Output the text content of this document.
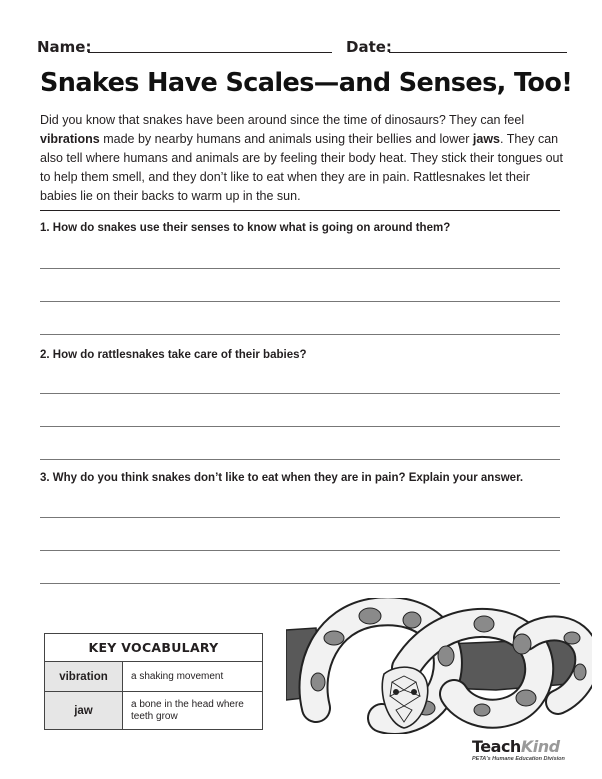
Name:	Date:
Snakes Have Scales—and Senses, Too!

Did you know that snakes have been around since the time of dinosaurs? They can feel vibrations made by nearby humans and animals using their bellies and lower jaws. They can also tell where humans and animals are by feeling their body heat. They stick their tongues out to help them smell, and they don’t like to eat when they are in pain. Rattlesnakes let their babies lie on their backs to warm up in the sun.

1. How do snakes use their senses to know what is going on around them?
2. How do rattlesnakes take care of their babies?
3. Why do you think snakes don’t like to eat when they are in pain? Explain your answer.
KEY VOCABULARY
vibration	a shaking movement
jaw
a bone in the head where teeth grow
TeachKind
PETA's Humane Education Division
